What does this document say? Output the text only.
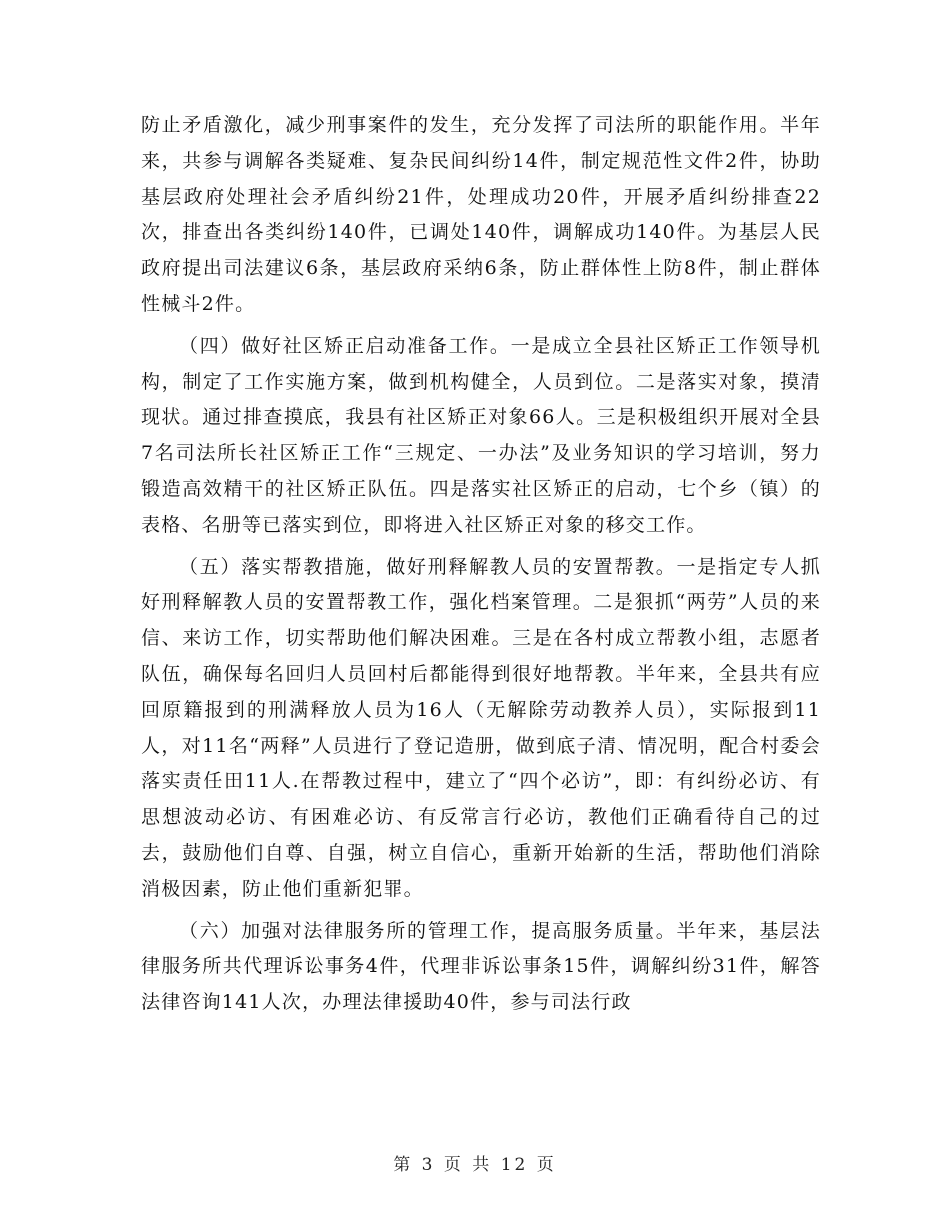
防止矛盾激化，减少刑事案件的发生，充分发挥了司法所的职能作用。半年来，共参与调解各类疑难、复杂民间纠纷14件，制定规范性文件2件，协助基层政府处理社会矛盾纠纷21件，处理成功20件，开展矛盾纠纷排查22次，排查出各类纠纷140件，已调处140件，调解成功140件。为基层人民政府提出司法建议6条，基层政府采纳6条，防止群体性上防8件，制止群体性械斗2件。

（四）做好社区矫正启动准备工作。一是成立全县社区矫正工作领导机构，制定了工作实施方案，做到机构健全，人员到位。二是落实对象，摸清现状。通过排查摸底，我县有社区矫正对象66人。三是积极组织开展对全县7名司法所长社区矫正工作“三规定、一办法”及业务知识的学习培训，努力锻造高效精干的社区矫正队伍。四是落实社区矫正的启动，七个乡（镇）的表格、名册等已落实到位，即将进入社区矫正对象的移交工作。

（五）落实帮教措施，做好刑释解教人员的安置帮教。一是指定专人抓好刑释解教人员的安置帮教工作，强化档案管理。二是狠抓“两劳”人员的来信、来访工作，切实帮助他们解决困难。三是在各村成立帮教小组，志愿者队伍，确保每名回归人员回村后都能得到很好地帮教。半年来，全县共有应回原籍报到的刑满释放人员为16人（无解除劳动教养人员），实际报到11人，对11名“两释”人员进行了登记造册，做到底子清、情况明，配合村委会落实责任田11人.在帮教过程中，建立了“四个必访”，即：有纠纷必访、有思想波动必访、有困难必访、有反常言行必访，教他们正确看待自己的过去，鼓励他们自尊、自强，树立自信心，重新开始新的生活，帮助他们消除消极因素，防止他们重新犯罪。

（六）加强对法律服务所的管理工作，提高服务质量。半年来，基层法律服务所共代理诉讼事务4件，代理非诉讼事条15件，调解纠纷31件，解答法律咨询141人次，办理法律援助40件，参与司法行政

第 3 页 共 12 页
